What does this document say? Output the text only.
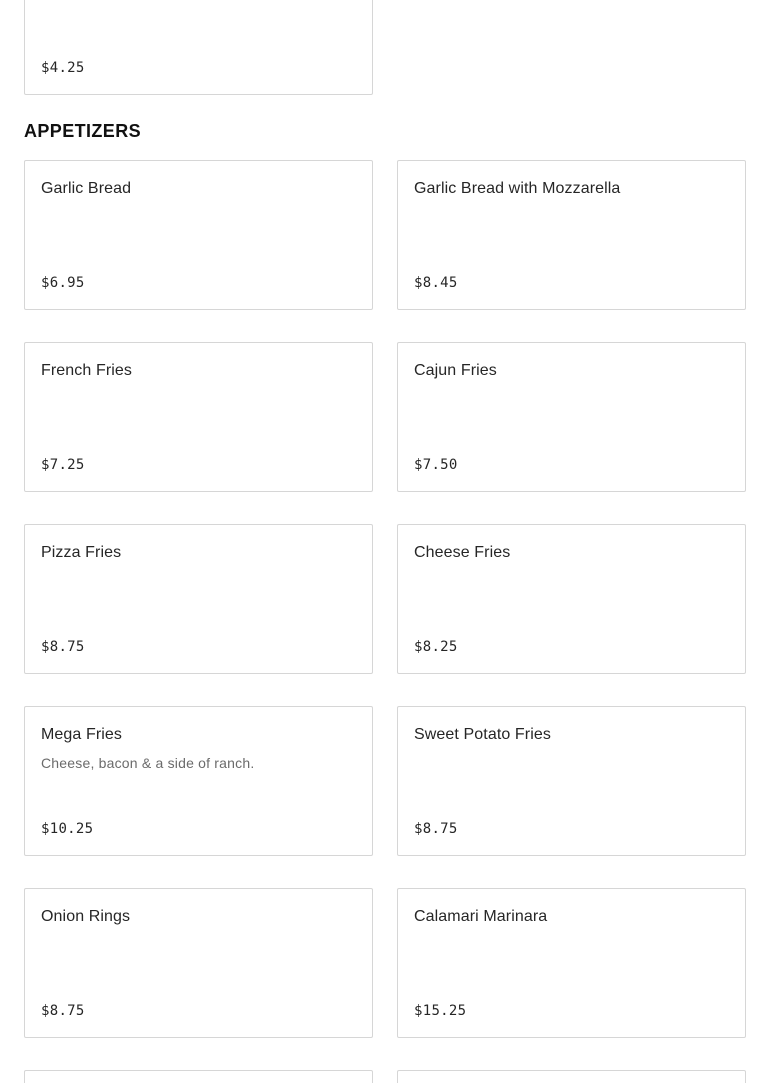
$4.25
APPETIZERS
Garlic Bread
$6.95
Garlic Bread with Mozzarella
$8.45
French Fries
$7.25
Cajun Fries
$7.50
Pizza Fries
$8.75
Cheese Fries
$8.25
Mega Fries
Cheese, bacon & a side of ranch.
$10.25
Sweet Potato Fries
$8.75
Onion Rings
$8.75
Calamari Marinara
$15.25
